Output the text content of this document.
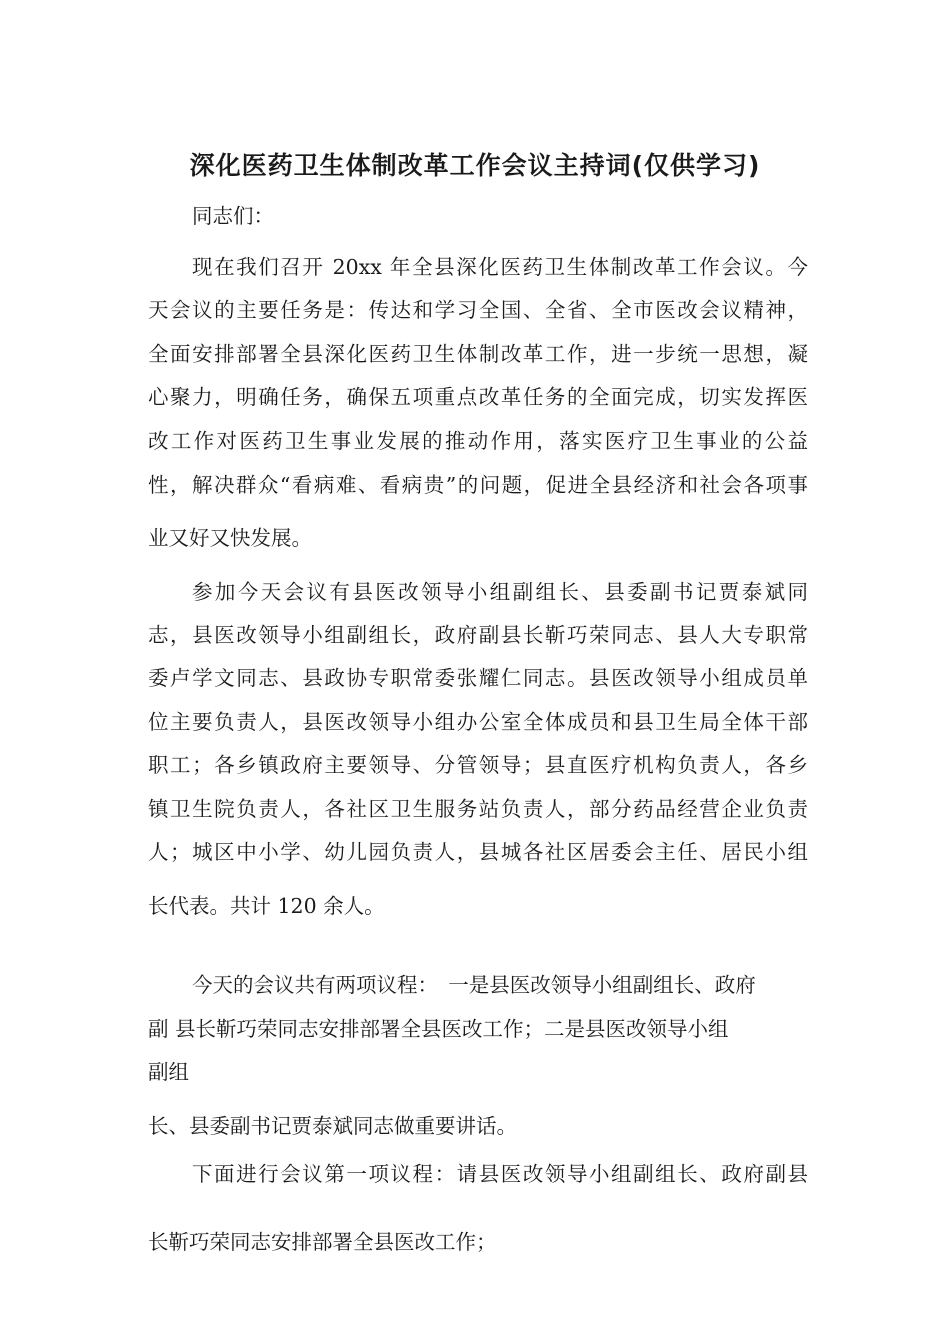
深化医药卫生体制改革工作会议主持词(仅供学习)
同志们：
现在我们召开 20xx 年全县深化医药卫生体制改革工作会议。今
天会议的主要任务是：传达和学习全国、全省、全市医改会议精神，
全面安排部署全县深化医药卫生体制改革工作，进一步统一思想，凝
心聚力，明确任务，确保五项重点改革任务的全面完成，切实发挥医
改工作对医药卫生事业发展的推动作用，落实医疗卫生事业的公益
性，解决群众“看病难、看病贵”的问题，促进全县经济和社会各项事
业又好又快发展。
参加今天会议有县医改领导小组副组长、县委副书记贾泰斌同
志，县医改领导小组副组长，政府副县长靳巧荣同志、县人大专职常
委卢学文同志、县政协专职常委张耀仁同志。县医改领导小组成员单
位主要负责人，县医改领导小组办公室全体成员和县卫生局全体干部
职工；各乡镇政府主要领导、分管领导；县直医疗机构负责人，各乡
镇卫生院负责人，各社区卫生服务站负责人，部分药品经营企业负责
人；城区中小学、幼儿园负责人，县城各社区居委会主任、居民小组
长代表。共计 120 余人。
今天的会议共有两项议程：　一是县医改领导小组副组长、政府
副 县长靳巧荣同志安排部署全县医改工作；二是县医改领导小组
副组
长、县委副书记贾泰斌同志做重要讲话。
下面进行会议第一项议程：请县医改领导小组副组长、政府副县
长靳巧荣同志安排部署全县医改工作；
